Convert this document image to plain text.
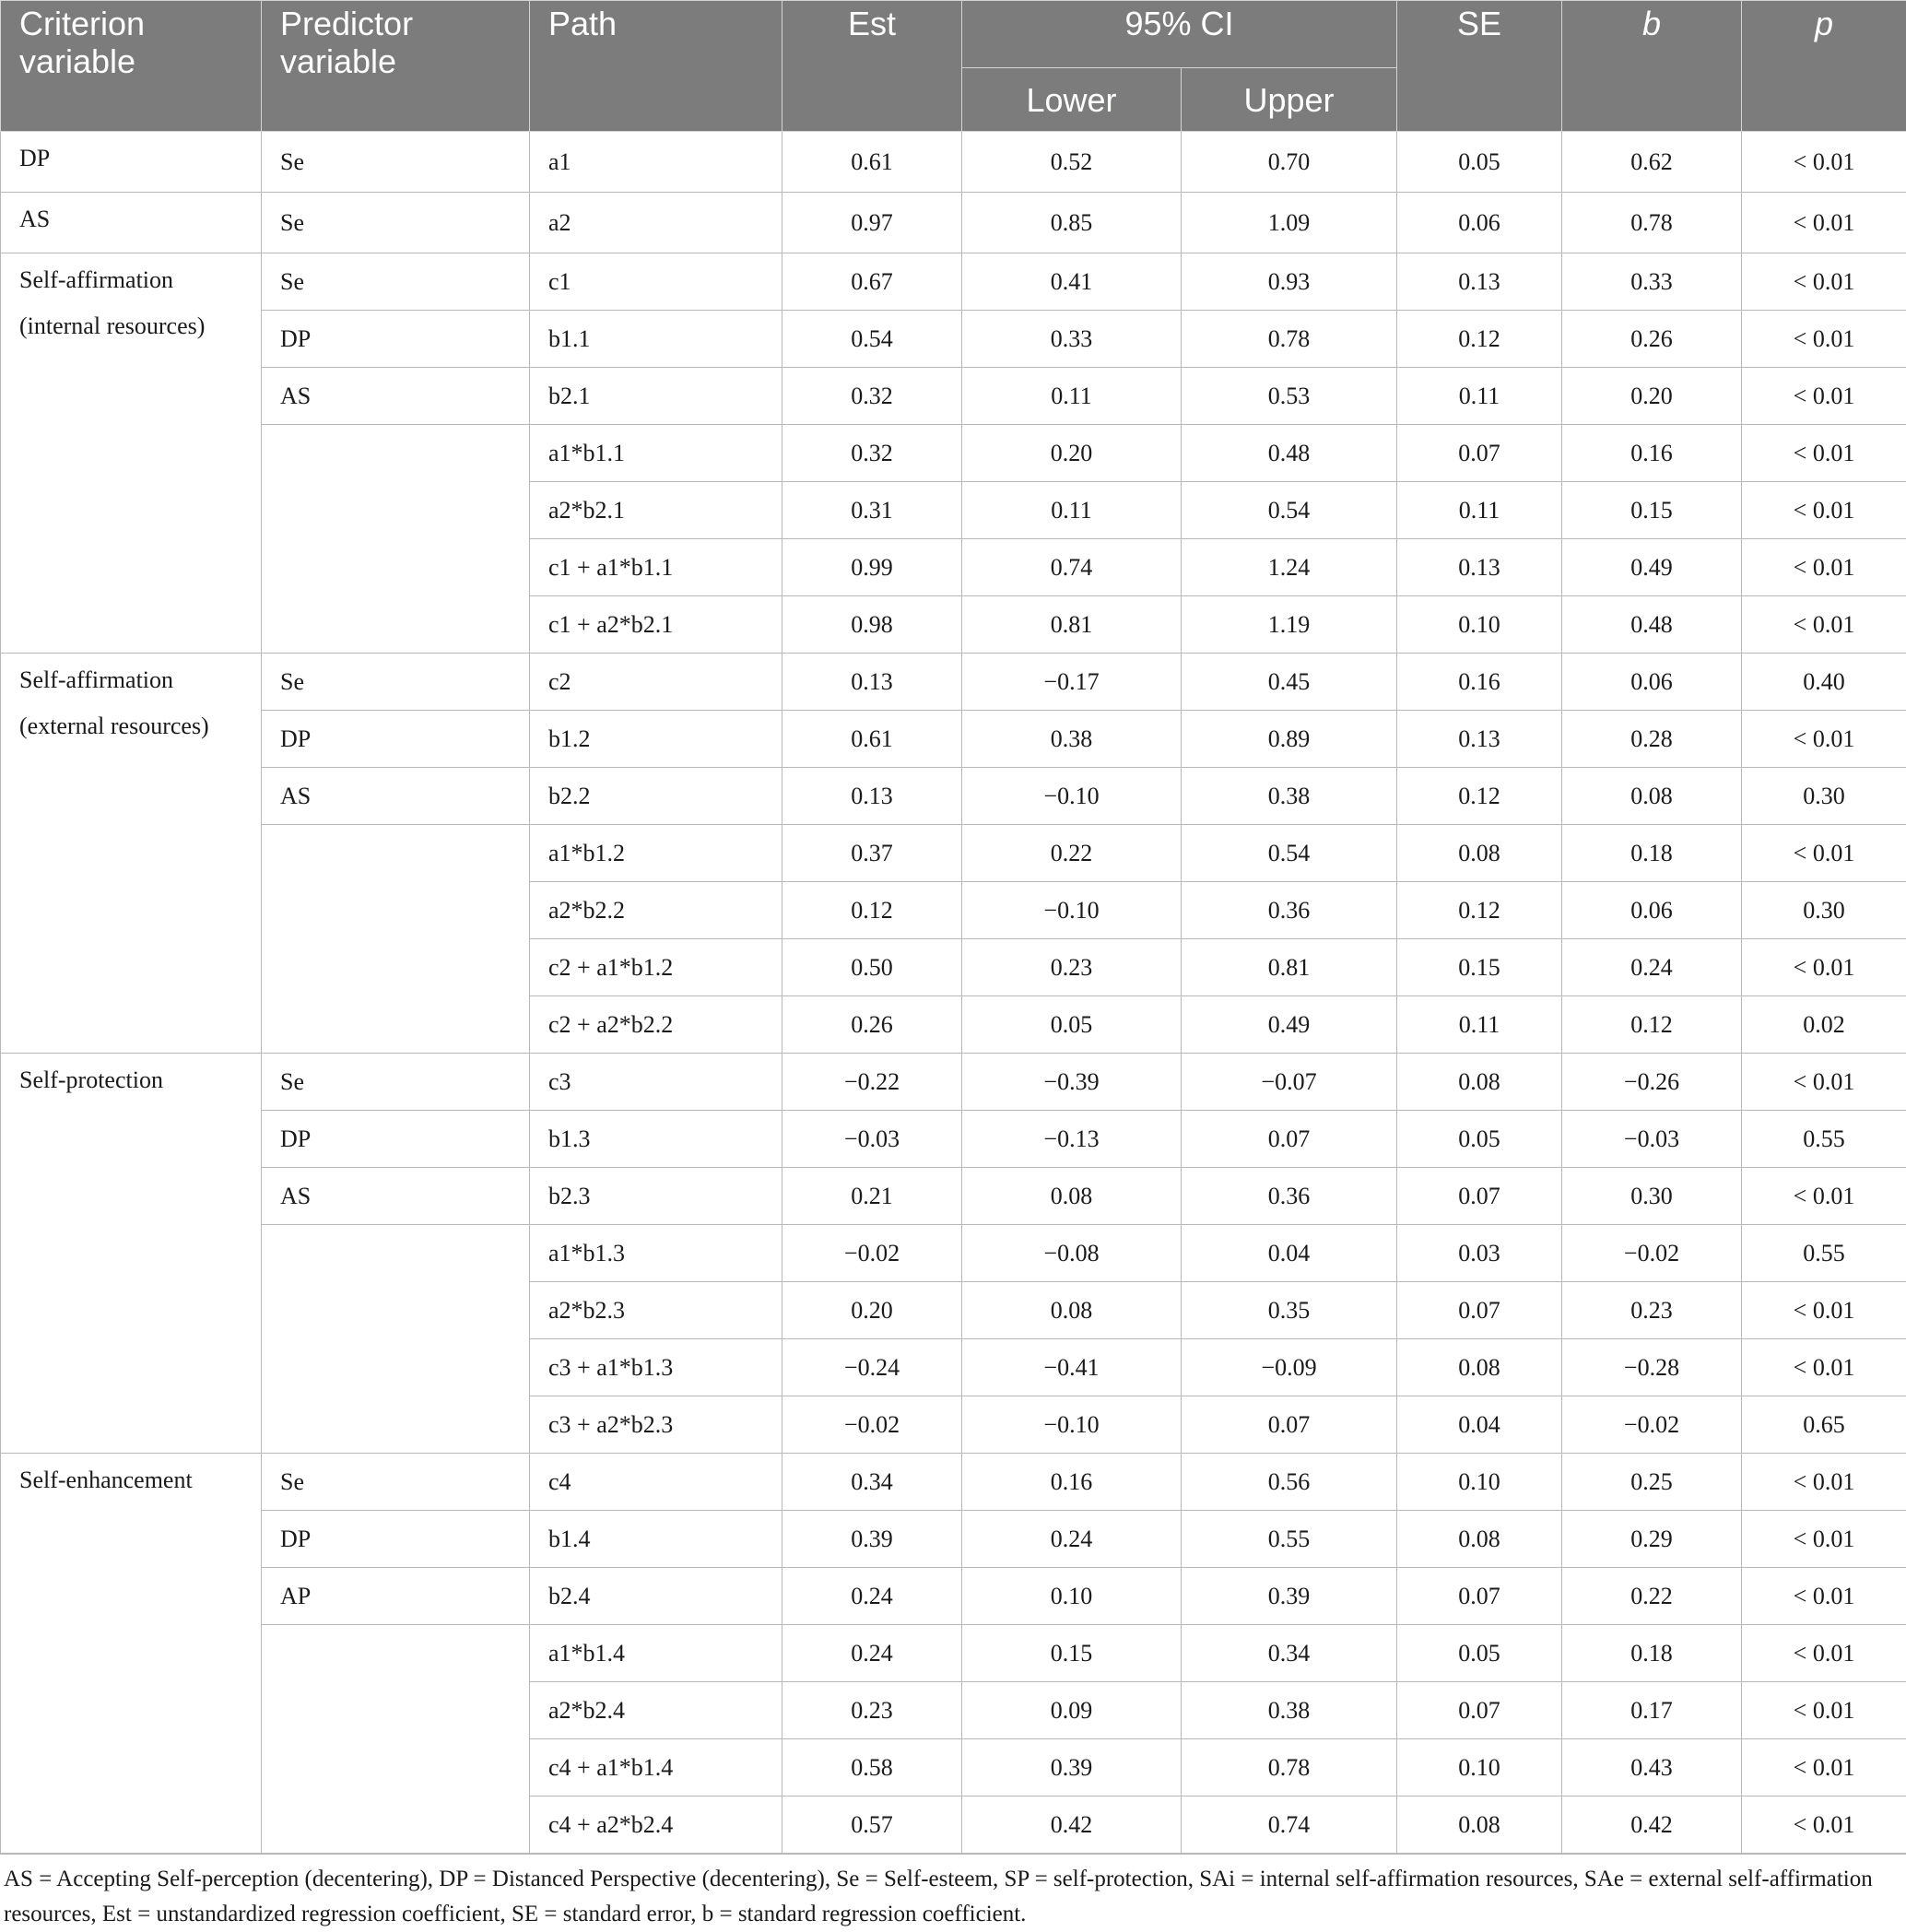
Criterion variable	Predictor variable	Path	Est	95% CI		SE	b	p
				Lower	Upper			
DP	Se	a1	0.61	0.52	0.70	0.05	0.62	< 0.01
AS	Se	a2	0.97	0.85	1.09	0.06	0.78	< 0.01
Self-affirmation (internal resources)	Se	c1	0.67	0.41	0.93	0.13	0.33	< 0.01
	DP	b1.1	0.54	0.33	0.78	0.12	0.26	< 0.01
	AS	b2.1	0.32	0.11	0.53	0.11	0.20	< 0.01
		a1*b1.1	0.32	0.20	0.48	0.07	0.16	< 0.01
		a2*b2.1	0.31	0.11	0.54	0.11	0.15	< 0.01
		c1 + a1*b1.1	0.99	0.74	1.24	0.13	0.49	< 0.01
		c1 + a2*b2.1	0.98	0.81	1.19	0.10	0.48	< 0.01
Self-affirmation (external resources)	Se	c2	0.13	−0.17	0.45	0.16	0.06	0.40
	DP	b1.2	0.61	0.38	0.89	0.13	0.28	< 0.01
	AS	b2.2	0.13	−0.10	0.38	0.12	0.08	0.30
		a1*b1.2	0.37	0.22	0.54	0.08	0.18	< 0.01
		a2*b2.2	0.12	−0.10	0.36	0.12	0.06	0.30
		c2 + a1*b1.2	0.50	0.23	0.81	0.15	0.24	< 0.01
		c2 + a2*b2.2	0.26	0.05	0.49	0.11	0.12	0.02
Self-protection	Se	c3	−0.22	−0.39	−0.07	0.08	−0.26	< 0.01
	DP	b1.3	−0.03	−0.13	0.07	0.05	−0.03	0.55
	AS	b2.3	0.21	0.08	0.36	0.07	0.30	< 0.01
		a1*b1.3	−0.02	−0.08	0.04	0.03	−0.02	0.55
		a2*b2.3	0.20	0.08	0.35	0.07	0.23	< 0.01
		c3 + a1*b1.3	−0.24	−0.41	−0.09	0.08	−0.28	< 0.01
		c3 + a2*b2.3	−0.02	−0.10	0.07	0.04	−0.02	0.65
Self-enhancement	Se	c4	0.34	0.16	0.56	0.10	0.25	< 0.01
	DP	b1.4	0.39	0.24	0.55	0.08	0.29	< 0.01
	AP	b2.4	0.24	0.10	0.39	0.07	0.22	< 0.01
		a1*b1.4	0.24	0.15	0.34	0.05	0.18	< 0.01
		a2*b2.4	0.23	0.09	0.38	0.07	0.17	< 0.01
		c4 + a1*b1.4	0.58	0.39	0.78	0.10	0.43	< 0.01
		c4 + a2*b2.4	0.57	0.42	0.74	0.08	0.42	< 0.01

AS = Accepting Self-perception (decentering), DP = Distanced Perspective (decentering), Se = Self-esteem, SP = self-protection, SAi = internal self-affirmation resources, SAe = external self-affirmation resources, Est = unstandardized regression coefficient, SE = standard error, b = standard regression coefficient.
